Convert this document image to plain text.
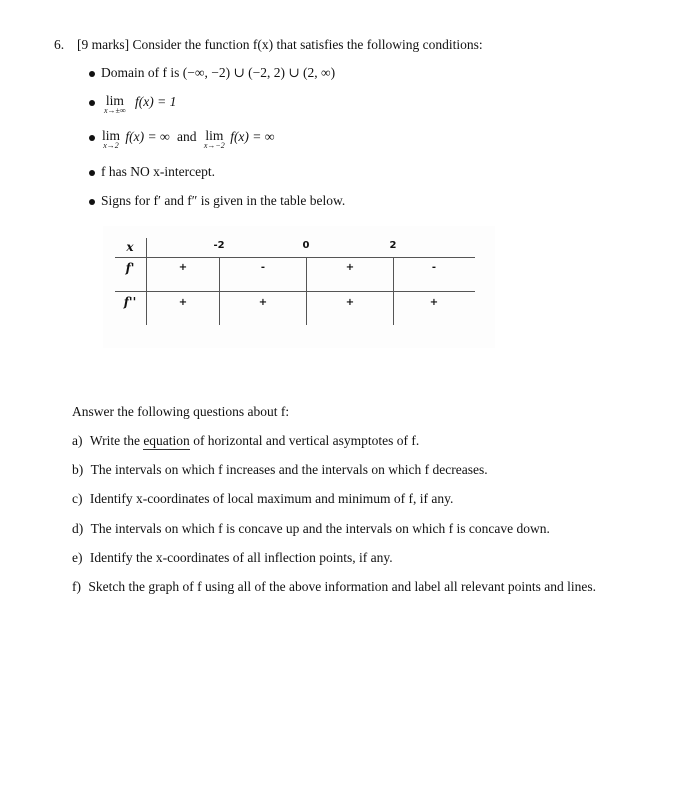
6. [9 marks] Consider the function f(x) that satisfies the following conditions:
Domain of f is (−∞, −2) ∪ (−2, 2) ∪ (2, ∞)
lim
x→±∞
f(x) = 1
lim
x→2
f(x) = ∞ and lim
x→−2
f(x) = ∞
f has NO x-intercept.
Signs for f′ and f″ is given in the table below.
x	-2	0	2
f'	+	-	+	-
f''	+	+	+	+
Answer the following questions about f:
a) Write the equation of horizontal and vertical asymptotes of f.
b) The intervals on which f increases and the intervals on which f decreases.
c) Identify x-coordinates of local maximum and minimum of f, if any.
d) The intervals on which f is concave up and the intervals on which f is concave down.
e) Identify the x-coordinates of all inflection points, if any.
f) Sketch the graph of f using all of the above information and label all relevant points and lines.
